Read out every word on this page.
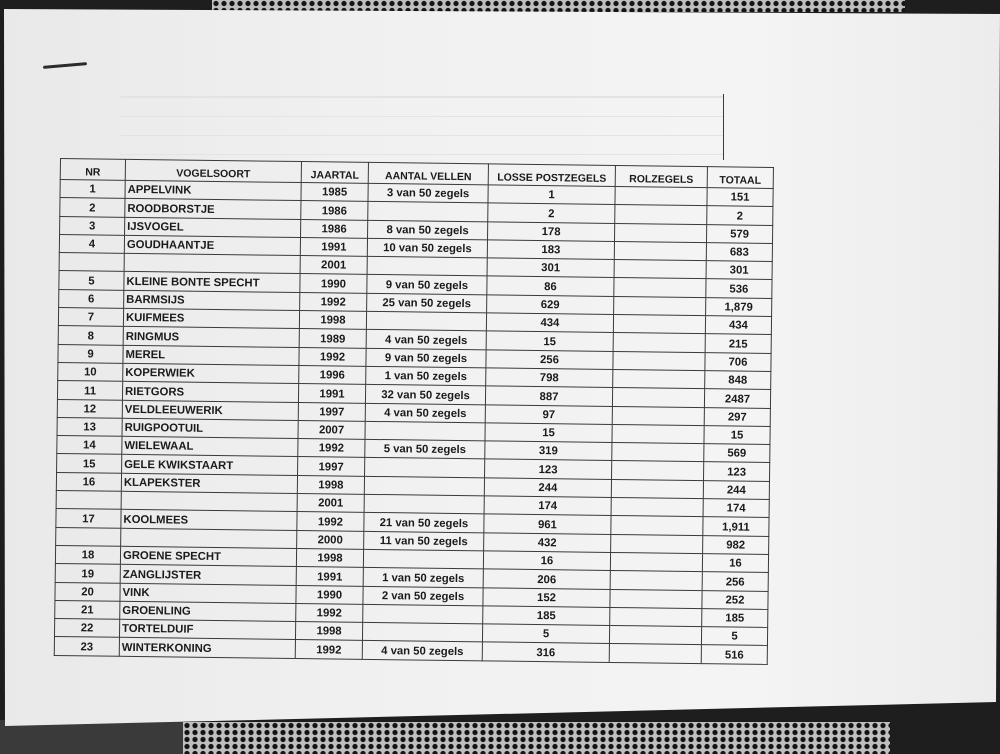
NR	VOGELSOORT	JAARTAL	AANTAL VELLEN	LOSSE POSTZEGELS	ROLZEGELS	TOTAAL
1	APPELVINK	1985	3 van 50 zegels	1		151
2	ROODBORSTJE	1986		2		2
3	IJSVOGEL	1986	8 van 50 zegels	178		579
4	GOUDHAANTJE	1991	10 van 50 zegels	183		683
		2001		301		301
5	KLEINE BONTE SPECHT	1990	9 van 50 zegels	86		536
6	BARMSIJS	1992	25 van 50 zegels	629		1,879
7	KUIFMEES	1998		434		434
8	RINGMUS	1989	4 van 50 zegels	15		215
9	MEREL	1992	9 van 50 zegels	256		706
10	KOPERWIEK	1996	1 van 50 zegels	798		848
11	RIETGORS	1991	32 van 50 zegels	887		2487
12	VELDLEEUWERIK	1997	4 van 50 zegels	97		297
13	RUIGPOOTUIL	2007		15		15
14	WIELEWAAL	1992	5 van 50 zegels	319		569
15	GELE KWIKSTAART	1997		123		123
16	KLAPEKSTER	1998		244		244
		2001		174		174
17	KOOLMEES	1992	21 van 50 zegels	961		1,911
		2000	11 van 50 zegels	432		982
18	GROENE SPECHT	1998		16		16
19	ZANGLIJSTER	1991	1 van 50 zegels	206		256
20	VINK	1990	2 van 50 zegels	152		252
21	GROENLING	1992		185		185
22	TORTELDUIF	1998		5		5
23	WINTERKONING	1992	4 van 50 zegels	316		516
